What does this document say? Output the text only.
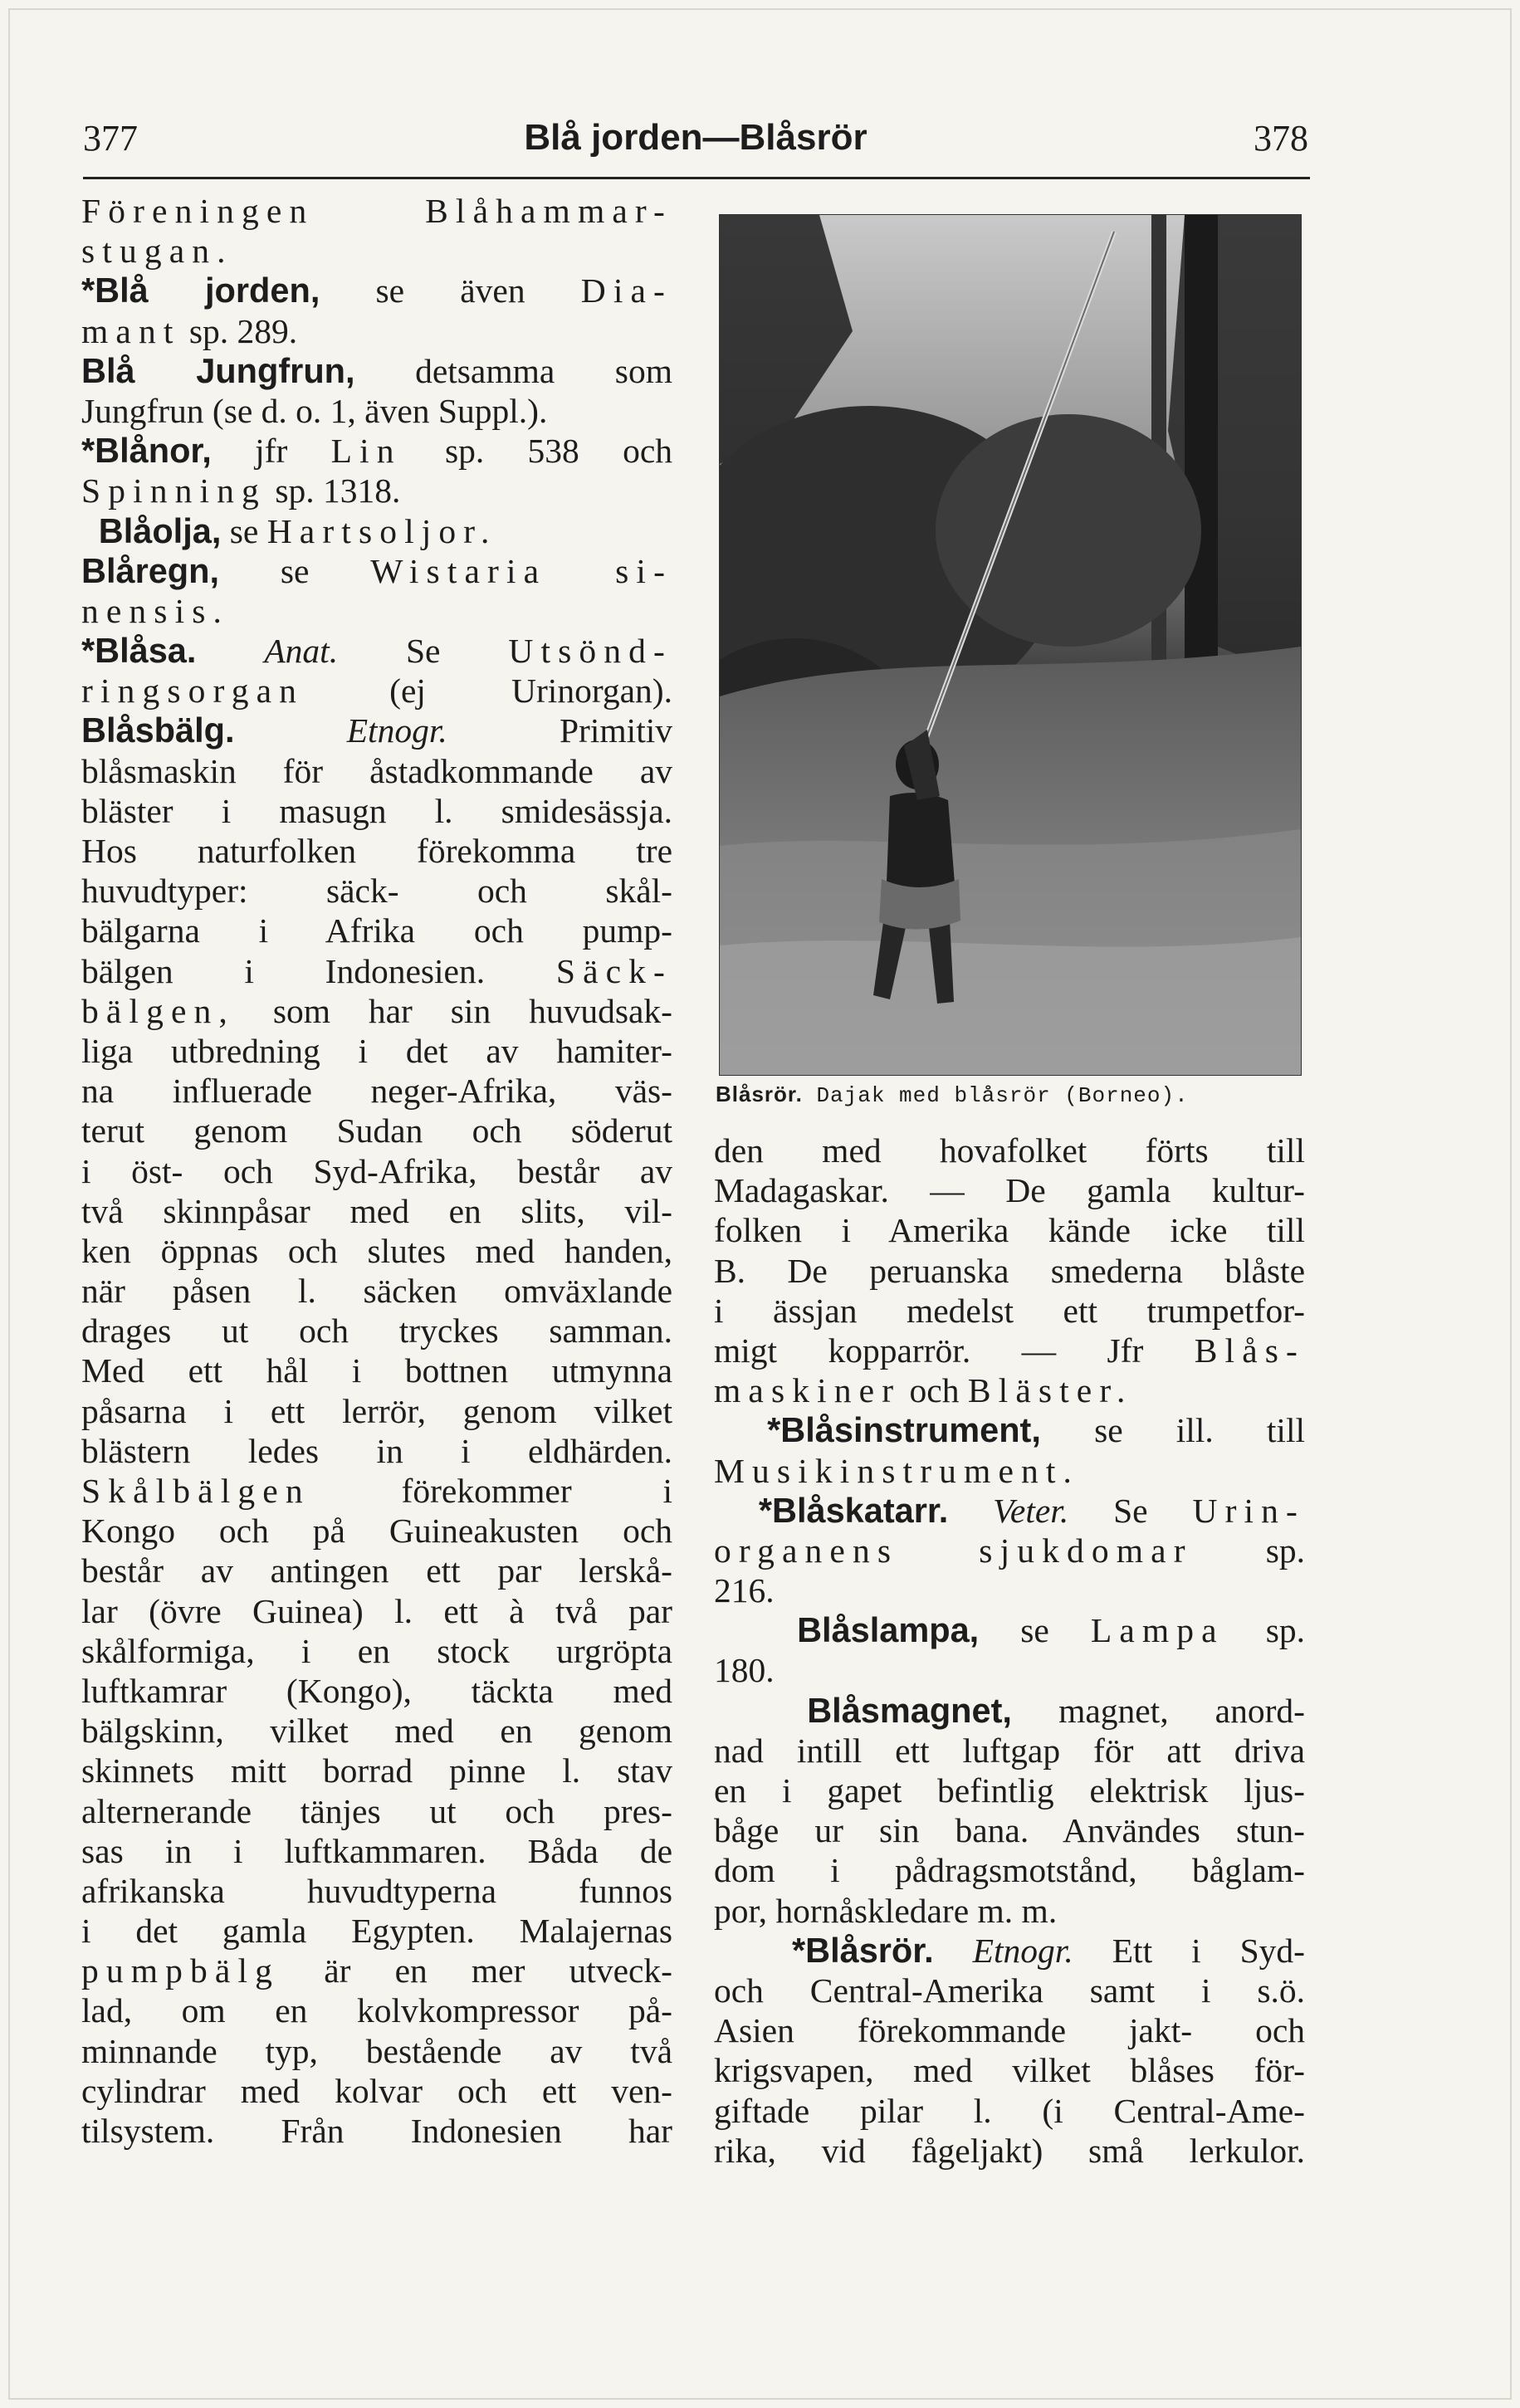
377	Blå jorden—Blåsrör	378
Föreningen Blåhammar-
stugan.
*Blå jorden, se även Dia-
mant sp. 289.
Blå Jungfrun, detsamma som
Jungfrun (se d. o. 1, även Suppl.).
*Blånor, jfr Lin sp. 538 och
Spinning sp. 1318.
Blåolja, se Hartsoljor.
Blåregn, se Wistaria si-
nensis.
*Blåsa. Anat. Se Utsönd-
ringsorgan (ej Urinorgan).
Blåsbälg.	Etnogr.	Primitiv
blåsmaskin för åstadkommande av
bläster i masugn l. smidesässja.
Hos naturfolken förekomma tre
huvudtyper: säck- och skål-
bälgarna i Afrika och pump-
bälgen i Indonesien. Säck-
bälgen, som har sin huvudsak-
liga utbredning i det av hamiter-
na influerade neger-Afrika, väs-
terut genom Sudan och söderut
i öst- och Syd-Afrika, består av
två skinnpåsar med en slits, vil-
ken öppnas och slutes med handen,
när påsen l. säcken omväxlande
drages ut och tryckes samman.
Med ett hål i bottnen utmynna
påsarna i ett lerrör, genom vilket
blästern ledes in i eldhärden.
Skålbälgen	förekommer i
Kongo och på Guineakusten och
består av antingen ett par lerskå-
lar (övre Guinea) l. ett à två par
skålformiga, i en stock urgröpta
luftkamrar (Kongo), täckta med
bälgskinn, vilket med en genom
skinnets mitt borrad pinne l. stav
alternerande tänjes ut och pres-
sas in i luftkammaren. Båda de
afrikanska huvudtyperna funnos
i det gamla Egypten. Malajernas
pumpbälg är en mer utveck-
lad, om en kolvkompressor på-
minnande typ, bestående av två
cylindrar med kolvar och ett ven-
tilsystem. Från Indonesien har
Blåsrör. Dajak med blåsrör (Borneo).
den med hovafolket förts till
Madagaskar. — De gamla kultur-
folken i Amerika kände icke till
B. De peruanska smederna blåste
i ässjan medelst ett trumpetfor-
migt kopparrör. — Jfr Blås-
maskiner och Bläster.
*Blåsinstrument, se ill. till
Musikinstrument.
*Blåskatarr. Veter. Se Urin-
organens sjukdomar sp.
216.
Blåslampa, se Lampa sp.
180.
Blåsmagnet, magnet, anord-
nad intill ett luftgap för att driva
en i gapet befintlig elektrisk ljus-
båge ur sin bana. Användes stun-
dom i pådragsmotstånd, båglam-
por, hornåskledare m. m.
*Blåsrör. Etnogr. Ett i Syd-
och Central-Amerika samt i s.ö.
Asien förekommande jakt- och
krigsvapen, med vilket blåses för-
giftade pilar l. (i Central-Ame-
rika, vid fågeljakt) små lerkulor.
